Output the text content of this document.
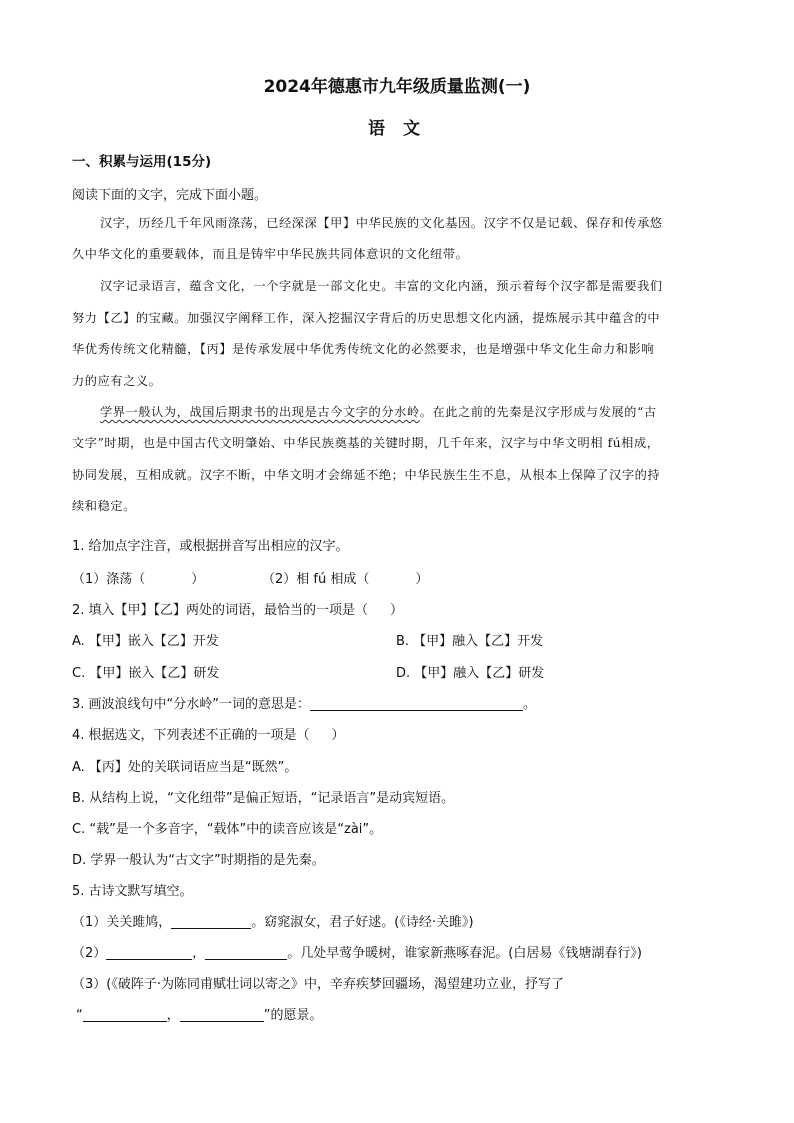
2024年德惠市九年级质量监测(一)
语 文
一、积累与运用(15分)
阅读下面的文字，完成下面小题。
汉字，历经几千年风雨涤荡，已经深深【甲】中华民族的文化基因。汉字不仅是记载、保存和传承悠
久中华文化的重要载体，而且是铸牢中华民族共同体意识的文化纽带。
汉字记录语言，蕴含文化，一个字就是一部文化史。丰富的文化内涵，预示着每个汉字都是需要我们
努力【乙】的宝藏。加强汉字阐释工作，深入挖掘汉字背后的历史思想文化内涵，提炼展示其中蕴含的中
华优秀传统文化精髓，【丙】是传承发展中华优秀传统文化的必然要求，也是增强中华文化生命力和影响
力的应有之义。
学界一般认为，战国后期隶书的出现是古今文字的分水岭。在此之前的先秦是汉字形成与发展的“古
文字”时期，也是中国古代文明肇始、中华民族奠基的关键时期，几千年来，汉字与中华文明相 fú相成，
协同发展，互相成就。汉字不断，中华文明才会绵延不绝；中华民族生生不息，从根本上保障了汉字的持
续和稳定。
1. 给加点字注音，或根据拼音写出相应的汉字。
（1）涤荡（	）	（2）相 fú 相成（	）
2. 填入【甲】【乙】两处的词语，最恰当的一项是（ ）
A. 【甲】嵌入【乙】开发	B. 【甲】融入【乙】开发
C. 【甲】嵌入【乙】研发	D. 【甲】融入【乙】研发
3. 画波浪线句中“分水岭”一词的意思是：	。
4. 根据选文，下列表述不正确的一项是（ ）
A. 【丙】处的关联词语应当是“既然”。
B. 从结构上说，“文化纽带”是偏正短语，“记录语言”是动宾短语。
C. “载”是一个多音字，“载体”中的读音应该是“zài”。
D. 学界一般认为“古文字”时期指的是先秦。
5. 古诗文默写填空。
（1）关关雎鸠，	。窈窕淑女，君子好逑。(《诗经·关雎》)
（2）	，	。几处早莺争暖树，谁家新燕啄春泥。(白居易《钱塘湖春行》)
（3）(《破阵子·为陈同甫赋壮词以寄之》中，辛弃疾梦回疆场，渴望建功立业，抒写了
“	，	”的愿景。
